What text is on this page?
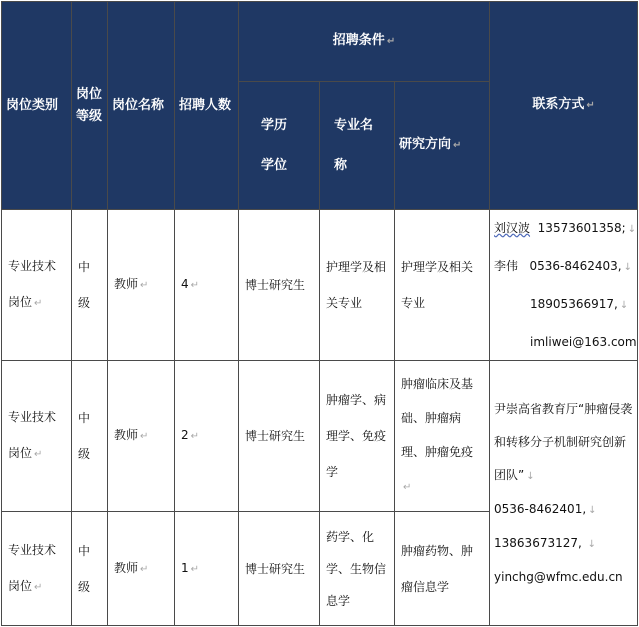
岗位类别	岗位等级	岗位名称	招聘人数	招聘条件 ↵			联系方式 ↵

				学历学位	专业名称	研究方向 ↵	

专业技术岗位 ↵	中级	教师 ↵	4 ↵	博士研究生	护理学及相关专业	护理学及相关专业	刘汉波 13573601358; ↓
李伟 0536-8462403, ↓
18905366917, ↓
imliwei@163.com

专业技术岗位 ↵	中级	教师 ↵	2 ↵	博士研究生	肿瘤学、病理学、免疫学	肿瘤临床及基础、肿瘤病理、肿瘤免疫↵	尹崇高省教育厅“肿瘤侵袭和转移分子机制研究创新团队” ↓
0536-8462401, ↓
13863673127, ↓
yinchg@wfmc.edu.cn

专业技术岗位 ↵	中级	教师 ↵	1 ↵	博士研究生	药学、化学、生物信息学	肿瘤药物、肿瘤信息学	
